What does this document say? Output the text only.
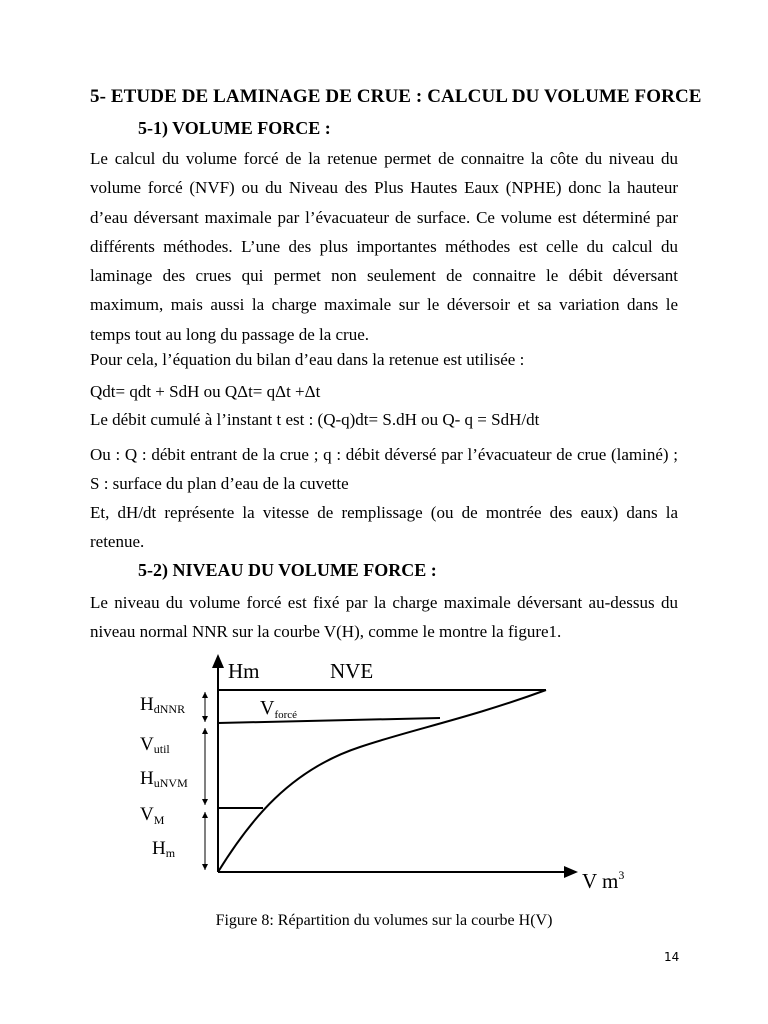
5- ETUDE DE LAMINAGE DE CRUE : CALCUL DU VOLUME FORCE
5-1) VOLUME FORCE :

Le calcul du volume forcé de la retenue permet de connaitre la côte du niveau du volume forcé (NVF) ou du Niveau des Plus Hautes Eaux (NPHE) donc la hauteur d’eau déversant maximale par l’évacuateur de surface. Ce volume est déterminé par différents méthodes. L’une des plus importantes méthodes est celle du calcul du laminage des crues qui permet non seulement de connaitre le débit déversant maximum, mais aussi la charge maximale sur le déversoir et sa variation dans le temps tout au long du passage de la crue.

Pour cela, l’équation du bilan d’eau dans la retenue est utilisée :

Qdt= qdt + SdH ou QΔt= qΔt +Δt

Le débit cumulé à l’instant t est : (Q-q)dt= S.dH ou Q- q = SdH/dt

Ou : Q : débit entrant de la crue ; q : débit déversé par l’évacuateur de crue (laminé) ; S : surface du plan d’eau de la cuvette

Et, dH/dt représente la vitesse de remplissage (ou de montrée des eaux) dans la retenue.

5-2) NIVEAU DU VOLUME FORCE :

Le niveau du volume forcé est fixé par la charge maximale déversant au-dessus du niveau normal NNR sur la courbe V(H), comme le montre la figure1.

Hm	NVE
$V_{forcé}$
V $m^3$
HdNNR
Vutil
HuNVM
$V_M$
Hm
Figure 8: Répartition du volumes sur la courbe H(V)
14
